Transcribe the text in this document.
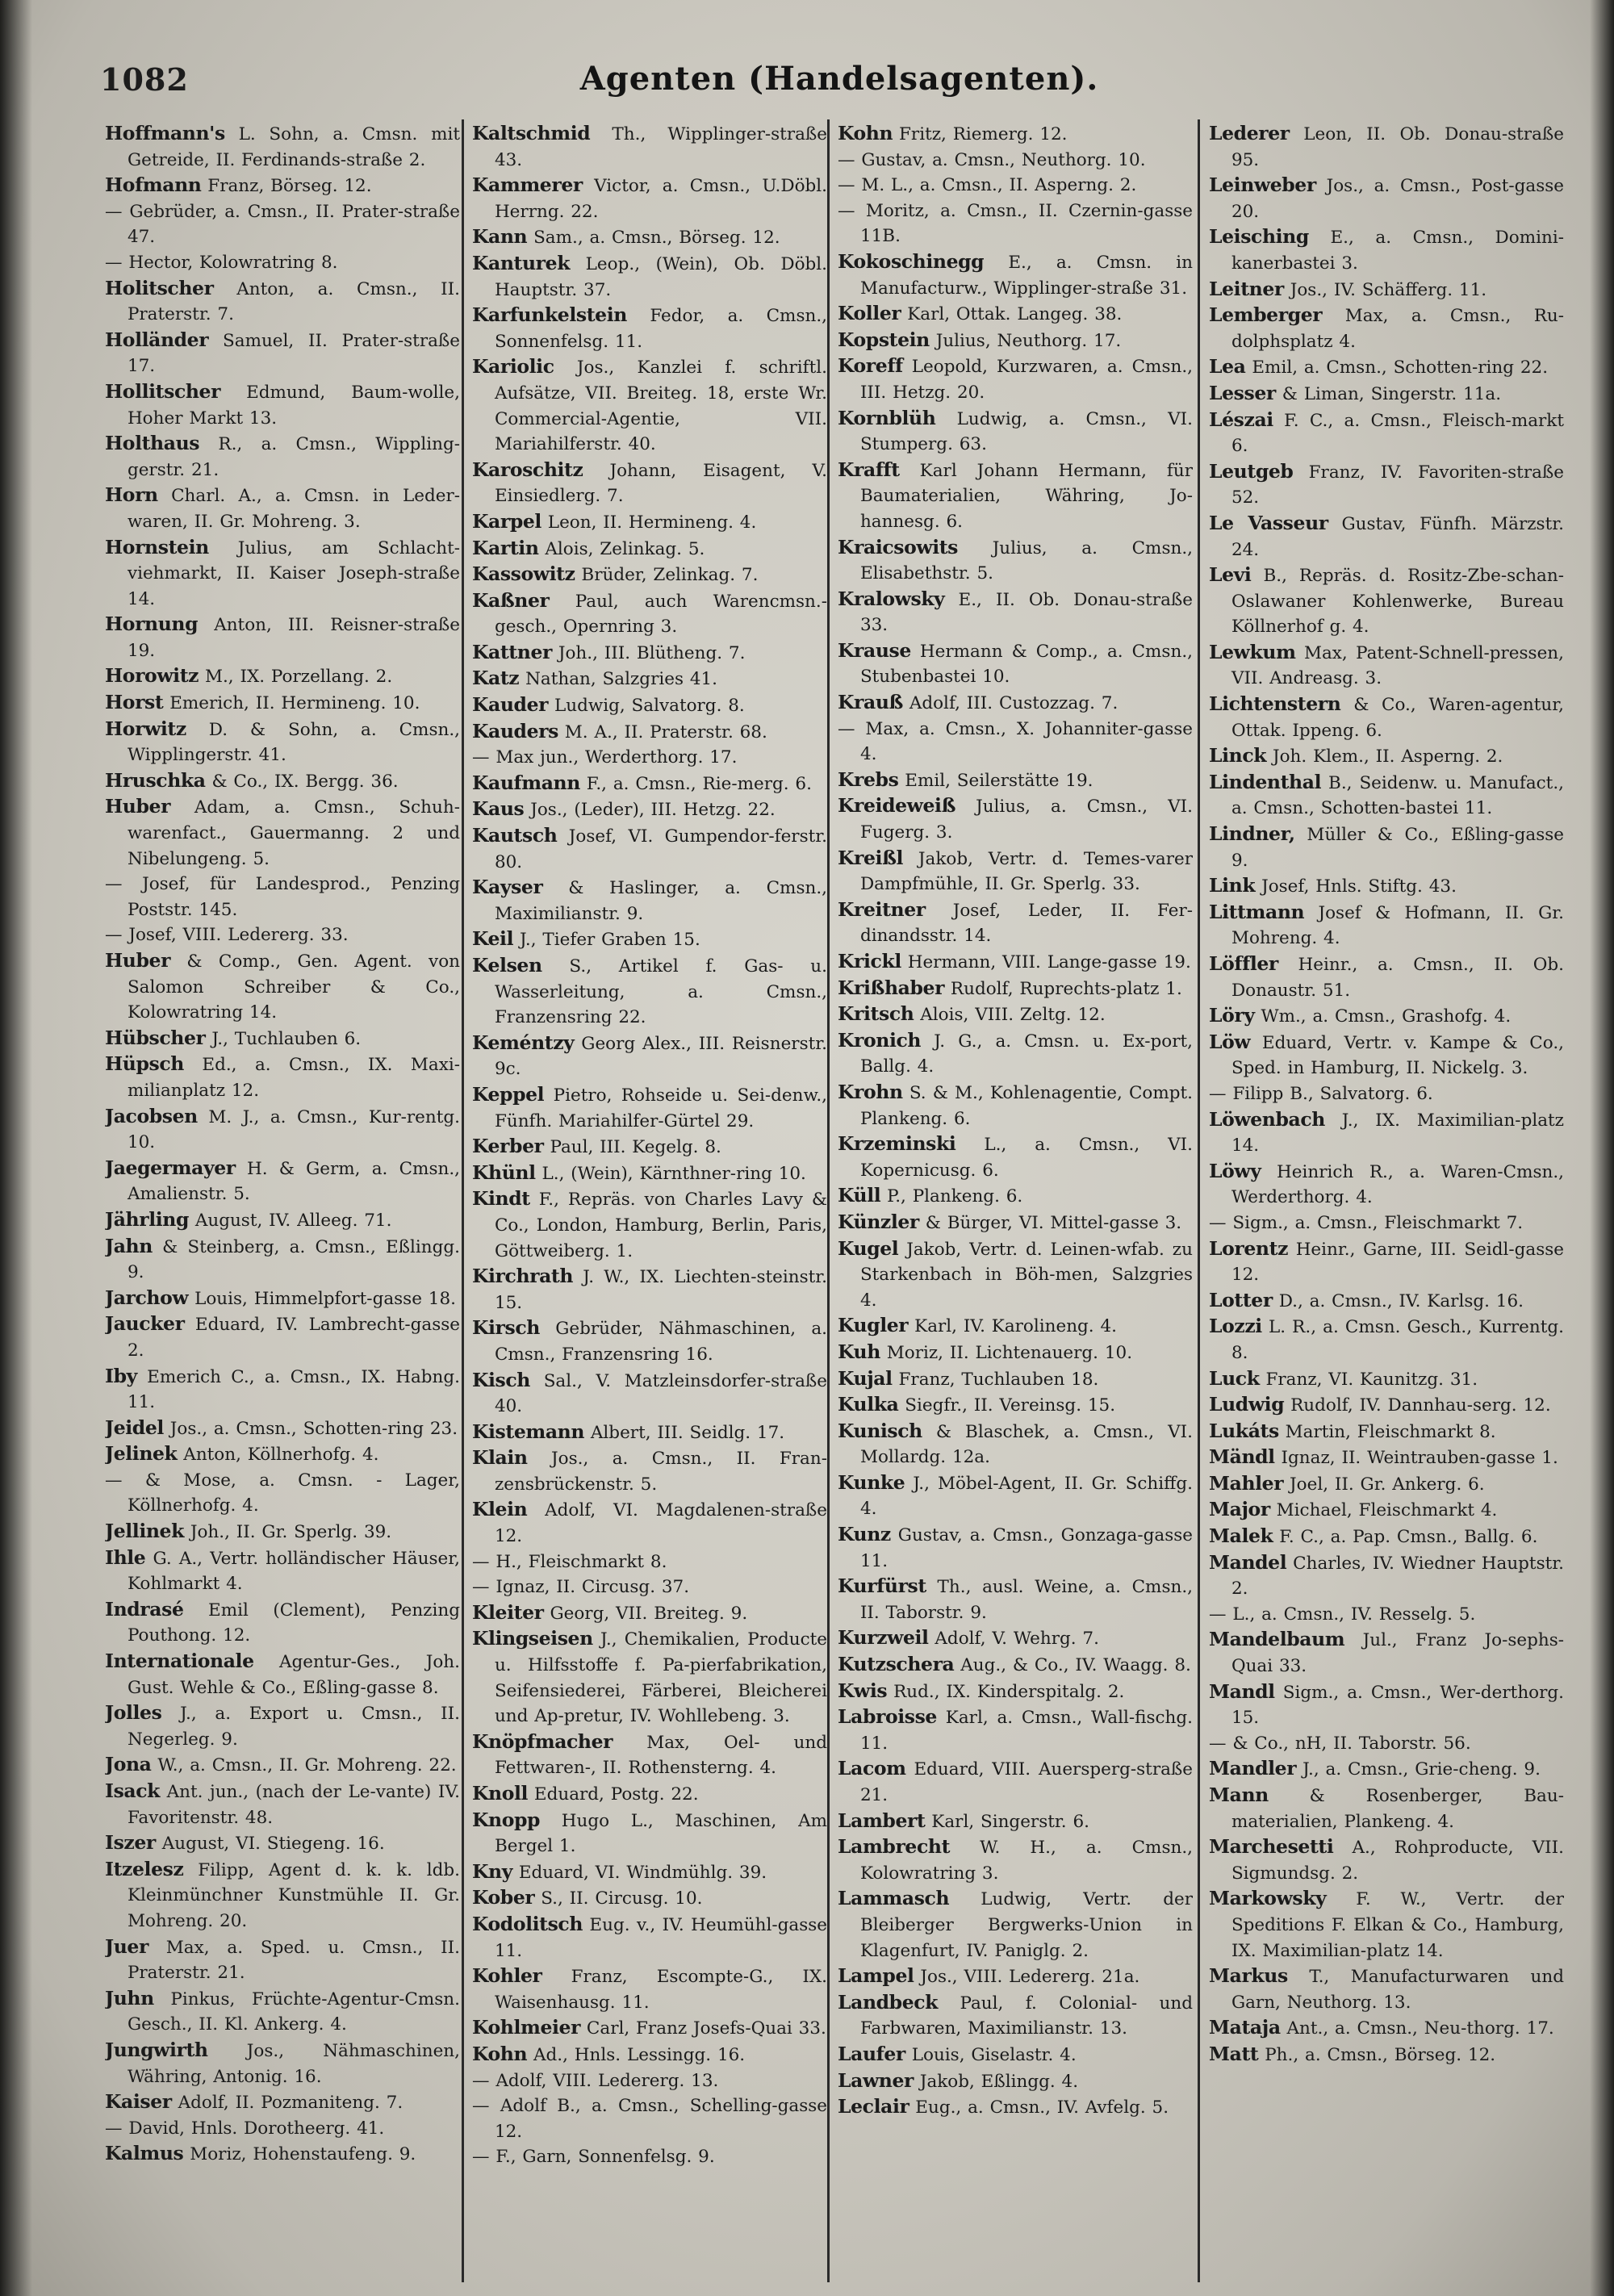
1082	Agenten (Handelsagenten).

Hoffmann's L. Sohn, a. Cmsn. mit Getreide, II. Ferdinands-straße 2.

Hofmann Franz, Börseg. 12.

— Gebrüder, a. Cmsn., II. Prater-straße 47.

— Hector, Kolowratring 8.

Holitscher Anton, a. Cmsn., II. Praterstr. 7.

Holländer Samuel, II. Prater-straße 17.

Hollitscher Edmund, Baum-wolle, Hoher Markt 13.

Holthaus R., a. Cmsn., Wippling-gerstr. 21.

Horn Charl. A., a. Cmsn. in Leder-waren, II. Gr. Mohreng. 3.

Hornstein Julius, am Schlacht-viehmarkt, II. Kaiser Joseph-straße 14.

Hornung Anton, III. Reisner-straße 19.

Horowitz M., IX. Porzellang. 2.

Horst Emerich, II. Hermineng. 10.

Horwitz D. & Sohn, a. Cmsn., Wipplingerstr. 41.

Hruschka & Co., IX. Bergg. 36.

Huber Adam, a. Cmsn., Schuh-warenfact., Gauermanng. 2 und Nibelungeng. 5.

— Josef, für Landesprod., Penzing Poststr. 145.

— Josef, VIII. Ledererg. 33.

Huber & Comp., Gen. Agent. von Salomon Schreiber & Co., Kolowratring 14.

Hübscher J., Tuchlauben 6.

Hüpsch Ed., a. Cmsn., IX. Maxi-milianplatz 12.

Jacobsen M. J., a. Cmsn., Kur-rentg. 10.

Jaegermayer H. & Germ, a. Cmsn., Amalienstr. 5.

Jährling August, IV. Alleeg. 71.

Jahn & Steinberg, a. Cmsn., Eßlingg. 9.

Jarchow Louis, Himmelpfort-gasse 18.

Jaucker Eduard, IV. Lambrecht-gasse 2.

Iby Emerich C., a. Cmsn., IX. Habng. 11.

Jeidel Jos., a. Cmsn., Schotten-ring 23.

Jelinek Anton, Köllnerhofg. 4.

— & Mose, a. Cmsn. - Lager, Köllnerhofg. 4.

Jellinek Joh., II. Gr. Sperlg. 39.

Ihle G. A., Vertr. holländischer Häuser, Kohlmarkt 4.

Indrasé Emil (Clement), Penzing Pouthong. 12.

Internationale Agentur-Ges., Joh. Gust. Wehle & Co., Eßling-gasse 8.

Jolles J., a. Export u. Cmsn., II. Negerleg. 9.

Jona W., a. Cmsn., II. Gr. Mohreng. 22.

Isack Ant. jun., (nach der Le-vante) IV. Favoritenstr. 48.

Iszer August, VI. Stiegeng. 16.

Itzelesz Filipp, Agent d. k. k. ldb. Kleinmünchner Kunstmühle II. Gr. Mohreng. 20.

Juer Max, a. Sped. u. Cmsn., II. Praterstr. 21.

Juhn Pinkus, Früchte-Agentur-Cmsn. Gesch., II. Kl. Ankerg. 4.

Jungwirth Jos., Nähmaschinen, Währing, Antonig. 16.

Kaiser Adolf, II. Pozmaniteng. 7.

— David, Hnls. Dorotheerg. 41.

Kalmus Moriz, Hohenstaufeng. 9.

Kaltschmid Th., Wipplinger-straße 43.

Kammerer Victor, a. Cmsn., U.Döbl. Herrng. 22.

Kann Sam., a. Cmsn., Börseg. 12.

Kanturek Leop., (Wein), Ob. Döbl. Hauptstr. 37.

Karfunkelstein Fedor, a. Cmsn., Sonnenfelsg. 11.

Kariolic Jos., Kanzlei f. schriftl. Aufsätze, VII. Breiteg. 18, erste Wr. Commercial-Agentie, VII. Mariahilferstr. 40.

Karoschitz Johann, Eisagent, V. Einsiedlerg. 7.

Karpel Leon, II. Hermineng. 4.

Kartin Alois, Zelinkag. 5.

Kassowitz Brüder, Zelinkag. 7.

Kaßner Paul, auch Warencmsn.-gesch., Opernring 3.

Kattner Joh., III. Blütheng. 7.

Katz Nathan, Salzgries 41.

Kauder Ludwig, Salvatorg. 8.

Kauders M. A., II. Praterstr. 68.

— Max jun., Werderthorg. 17.

Kaufmann F., a. Cmsn., Rie-merg. 6.

Kaus Jos., (Leder), III. Hetzg. 22.

Kautsch Josef, VI. Gumpendor-ferstr. 80.

Kayser & Haslinger, a. Cmsn., Maximilianstr. 9.

Keil J., Tiefer Graben 15.

Kelsen S., Artikel f. Gas- u. Wasserleitung, a. Cmsn., Franzensring 22.

Keméntzy Georg Alex., III. Reisnerstr. 9c.

Keppel Pietro, Rohseide u. Sei-denw., Fünfh. Mariahilfer-Gürtel 29.

Kerber Paul, III. Kegelg. 8.

Khünl L., (Wein), Kärnthner-ring 10.

Kindt F., Repräs. von Charles Lavy & Co., London, Hamburg, Berlin, Paris, Göttweiberg. 1.

Kirchrath J. W., IX. Liechten-steinstr. 15.

Kirsch Gebrüder, Nähmaschinen, a. Cmsn., Franzensring 16.

Kisch Sal., V. Matzleinsdorfer-straße 40.

Kistemann Albert, III. Seidlg. 17.

Klain Jos., a. Cmsn., II. Fran-zensbrückenstr. 5.

Klein Adolf, VI. Magdalenen-straße 12.

— H., Fleischmarkt 8.

— Ignaz, II. Circusg. 37.

Kleiter Georg, VII. Breiteg. 9.

Klingseisen J., Chemikalien, Producte u. Hilfsstoffe f. Pa-pierfabrikation, Seifensiederei, Färberei, Bleicherei und Ap-pretur, IV. Wohllebeng. 3.

Knöpfmacher Max, Oel- und Fettwaren-, II. Rothensterng. 4.

Knoll Eduard, Postg. 22.

Knopp Hugo L., Maschinen, Am Bergel 1.

Kny Eduard, VI. Windmühlg. 39.

Kober S., II. Circusg. 10.

Kodolitsch Eug. v., IV. Heumühl-gasse 11.

Kohler Franz, Escompte-G., IX. Waisenhausg. 11.

Kohlmeier Carl, Franz Josefs-Quai 33.

Kohn Ad., Hnls. Lessingg. 16.

— Adolf, VIII. Ledererg. 13.

— Adolf B., a. Cmsn., Schelling-gasse 12.

— F., Garn, Sonnenfelsg. 9.

Kohn Fritz, Riemerg. 12.

— Gustav, a. Cmsn., Neuthorg. 10.

— M. L., a. Cmsn., II. Asperng. 2.

— Moritz, a. Cmsn., II. Czernin-gasse 11B.

Kokoschinegg E., a. Cmsn. in Manufacturw., Wipplinger-straße 31.

Koller Karl, Ottak. Langeg. 38.

Kopstein Julius, Neuthorg. 17.

Koreff Leopold, Kurzwaren, a. Cmsn., III. Hetzg. 20.

Kornblüh Ludwig, a. Cmsn., VI. Stumperg. 63.

Krafft Karl Johann Hermann, für Baumaterialien, Währing, Jo-hannesg. 6.

Kraicsowits Julius, a. Cmsn., Elisabethstr. 5.

Kralowsky E., II. Ob. Donau-straße 33.

Krause Hermann & Comp., a. Cmsn., Stubenbastei 10.

Krauß Adolf, III. Custozzag. 7.

— Max, a. Cmsn., X. Johanniter-gasse 4.

Krebs Emil, Seilerstätte 19.

Kreideweiß Julius, a. Cmsn., VI. Fugerg. 3.

Kreißl Jakob, Vertr. d. Temes-varer Dampfmühle, II. Gr. Sperlg. 33.

Kreitner Josef, Leder, II. Fer-dinandsstr. 14.

Krickl Hermann, VIII. Lange-gasse 19.

Krißhaber Rudolf, Ruprechts-platz 1.

Kritsch Alois, VIII. Zeltg. 12.

Kronich J. G., a. Cmsn. u. Ex-port, Ballg. 4.

Krohn S. & M., Kohlenagentie, Compt. Plankeng. 6.

Krzeminski L., a. Cmsn., VI. Kopernicusg. 6.

Küll P., Plankeng. 6.

Künzler & Bürger, VI. Mittel-gasse 3.

Kugel Jakob, Vertr. d. Leinen-wfab. zu Starkenbach in Böh-men, Salzgries 4.

Kugler Karl, IV. Karolineng. 4.

Kuh Moriz, II. Lichtenauerg. 10.

Kujal Franz, Tuchlauben 18.

Kulka Siegfr., II. Vereinsg. 15.

Kunisch & Blaschek, a. Cmsn., VI. Mollardg. 12a.

Kunke J., Möbel-Agent, II. Gr. Schiffg. 4.

Kunz Gustav, a. Cmsn., Gonzaga-gasse 11.

Kurfürst Th., ausl. Weine, a. Cmsn., II. Taborstr. 9.

Kurzweil Adolf, V. Wehrg. 7.

Kutzschera Aug., & Co., IV. Waagg. 8.

Kwis Rud., IX. Kinderspitalg. 2.

Labroisse Karl, a. Cmsn., Wall-fischg. 11.

Lacom Eduard, VIII. Auersperg-straße 21.

Lambert Karl, Singerstr. 6.

Lambrecht W. H., a. Cmsn., Kolowratring 3.

Lammasch Ludwig, Vertr. der Bleiberger Bergwerks-Union in Klagenfurt, IV. Paniglg. 2.

Lampel Jos., VIII. Ledererg. 21a.

Landbeck Paul, f. Colonial- und Farbwaren, Maximilianstr. 13.

Laufer Louis, Giselastr. 4.

Lawner Jakob, Eßlingg. 4.

Leclair Eug., a. Cmsn., IV. Avfelg. 5.

Lederer Leon, II. Ob. Donau-straße 95.

Leinweber Jos., a. Cmsn., Post-gasse 20.

Leisching E., a. Cmsn., Domini-kanerbastei 3.

Leitner Jos., IV. Schäfferg. 11.

Lemberger Max, a. Cmsn., Ru-dolphsplatz 4.

Lea Emil, a. Cmsn., Schotten-ring 22.

Lesser & Liman, Singerstr. 11a.

Lészai F. C., a. Cmsn., Fleisch-markt 6.

Leutgeb Franz, IV. Favoriten-straße 52.

Le Vasseur Gustav, Fünfh. Märzstr. 24.

Levi B., Repräs. d. Rositz-Zbe-schan-Oslawaner Kohlenwerke, Bureau Köllnerhof g. 4.

Lewkum Max, Patent-Schnell-pressen, VII. Andreasg. 3.

Lichtenstern & Co., Waren-agentur, Ottak. Ippeng. 6.

Linck Joh. Klem., II. Asperng. 2.

Lindenthal B., Seidenw. u. Manufact., a. Cmsn., Schotten-bastei 11.

Lindner, Müller & Co., Eßling-gasse 9.

Link Josef, Hnls. Stiftg. 43.

Littmann Josef & Hofmann, II. Gr. Mohreng. 4.

Löffler Heinr., a. Cmsn., II. Ob. Donaustr. 51.

Löry Wm., a. Cmsn., Grashofg. 4.

Löw Eduard, Vertr. v. Kampe & Co., Sped. in Hamburg, II. Nickelg. 3.

— Filipp B., Salvatorg. 6.

Löwenbach J., IX. Maximilian-platz 14.

Löwy Heinrich R., a. Waren-Cmsn., Werderthorg. 4.

— Sigm., a. Cmsn., Fleischmarkt 7.

Lorentz Heinr., Garne, III. Seidl-gasse 12.

Lotter D., a. Cmsn., IV. Karlsg. 16.

Lozzi L. R., a. Cmsn. Gesch., Kurrentg. 8.

Luck Franz, VI. Kaunitzg. 31.

Ludwig Rudolf, IV. Dannhau-serg. 12.

Lukáts Martin, Fleischmarkt 8.

Mändl Ignaz, II. Weintrauben-gasse 1.

Mahler Joel, II. Gr. Ankerg. 6.

Major Michael, Fleischmarkt 4.

Malek F. C., a. Pap. Cmsn., Ballg. 6.

Mandel Charles, IV. Wiedner Hauptstr. 2.

— L., a. Cmsn., IV. Resselg. 5.

Mandelbaum Jul., Franz Jo-sephs-Quai 33.

Mandl Sigm., a. Cmsn., Wer-derthorg. 15.

— & Co., nH, II. Taborstr. 56.

Mandler J., a. Cmsn., Grie-cheng. 9.

Mann & Rosenberger, Bau-materialien, Plankeng. 4.

Marchesetti A., Rohproducte, VII. Sigmundsg. 2.

Markowsky F. W., Vertr. der Speditions F. Elkan & Co., Hamburg, IX. Maximilian-platz 14.

Markus T., Manufacturwaren und Garn, Neuthorg. 13.

Mataja Ant., a. Cmsn., Neu-thorg. 17.

Matt Ph., a. Cmsn., Börseg. 12.
